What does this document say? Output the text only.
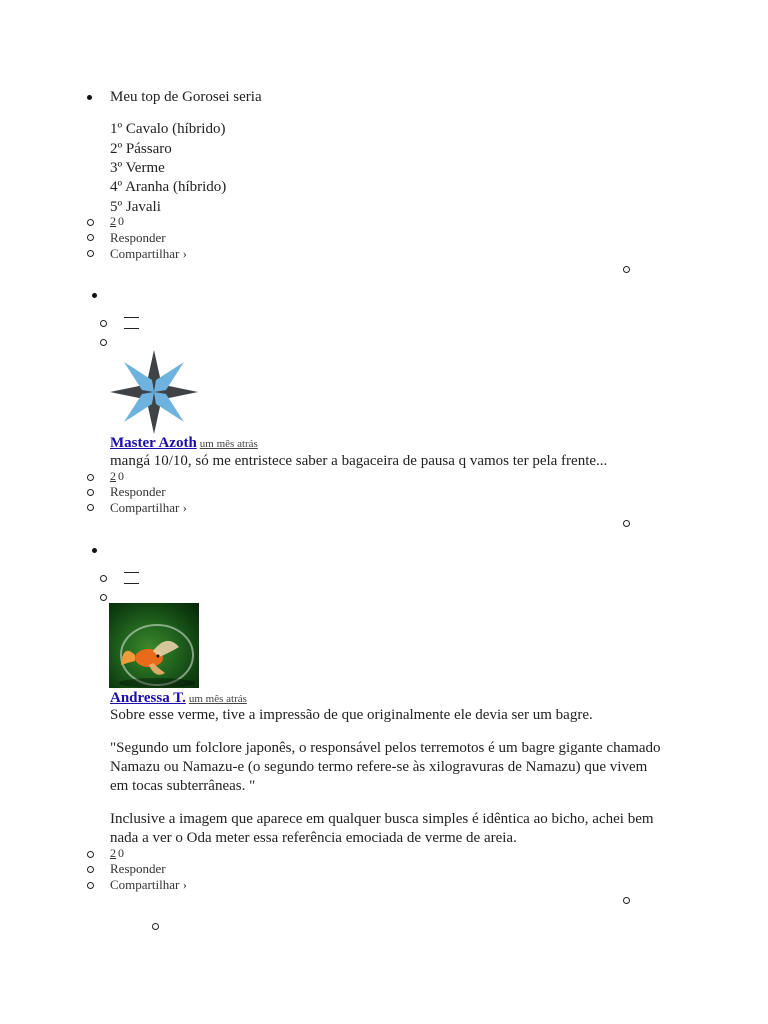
Meu top de Gorosei seria
1º Cavalo (híbrido)
2º Pássaro
3º Verme
4º Aranha (híbrido)
5º Javali
2 0
Responder
Compartilhar ›
Master Azoth um mês atrás
mangá 10/10, só me entristece saber a bagaceira de pausa q vamos ter pela frente...
2 0
Responder
Compartilhar ›
Andressa T. um mês atrás
Sobre esse verme, tive a impressão de que originalmente ele devia ser um bagre.
"Segundo um folclore japonês, o responsável pelos terremotos é um bagre gigante chamado
Namazu ou Namazu-e (o segundo termo refere-se às xilogravuras de Namazu) que vivem
em tocas subterrâneas. "
Inclusive a imagem que aparece em qualquer busca simples é idêntica ao bicho, achei bem
nada a ver o Oda meter essa referência emociada de verme de areia.
2 0
Responder
Compartilhar ›
